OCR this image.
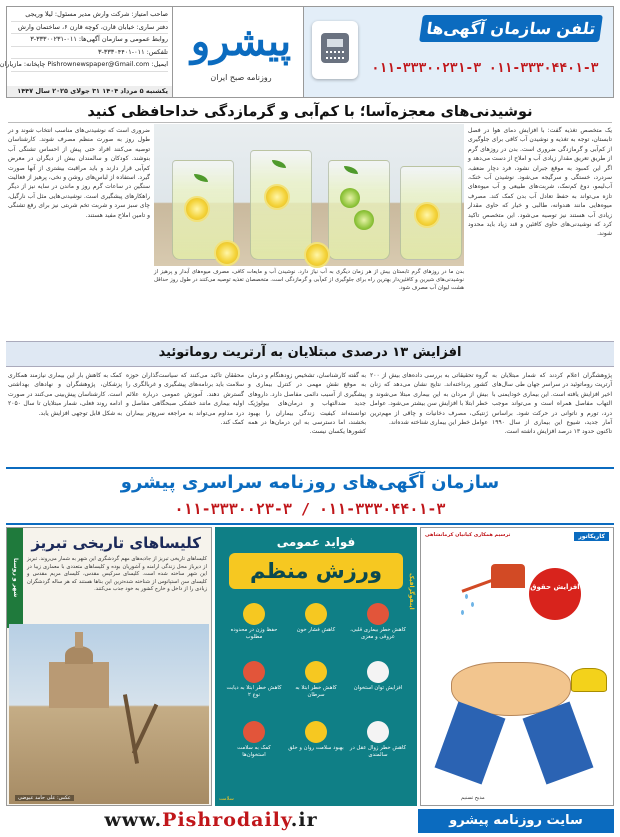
تلفن سازمان آگهی‌ها
۰۱۱-۳۳۳۰۰۲۳۱-۳ ۰۱۱-۳۳۳۰۴۴۰۱-۳
پیشرو
روزنامه صبح ایران
صاحب امتیاز: شرکت وارش مدیر مسئول: لیلا وریجی
دفتر ساری: خیابان قارن، کوچه قارن ۶، ساختمان وارش
روابط عمومی و سازمان آگهی‌ها: ۰۱۱-۳۳۳۰۰۲۳۱-۳
تلفکس: ۰۱۱-۳۳۳۰۴۴۰۱-۳
ایمیل: Pishrownewspaper@Gmail.com چاپخانه: مازیاران
یکشنبه ۵ مرداد ۱۴۰۴ ۳۱ جولای ۲۰۲۵ سال ۱۴۴۷
نوشیدنی‌های معجزه‌آسا؛ با کم‌آبی و گرمازدگی خداحافظی کنید
یک متخصص تغذیه گفت: با افزایش دمای هوا در فصل تابستان، توجه به تغذیه و نوشیدن آب کافی برای جلوگیری از کم‌آبی و گرمازدگی ضروری است. بدن در روزهای گرم از طریق تعریق مقدار زیادی آب و املاح از دست می‌دهد و اگر این کمبود به موقع جبران نشود، فرد دچار ضعف، سردرد، خستگی و سرگیجه می‌شود. نوشیدن آب خنک، آب‌لیمو، دوغ کم‌نمک، شربت‌های طبیعی و آب میوه‌های تازه می‌تواند به حفظ تعادل آب بدن کمک کند. مصرف میوه‌هایی مانند هندوانه، طالبی و خیار که حاوی مقدار زیادی آب هستند نیز توصیه می‌شود. این متخصص تاکید کرد که نوشیدنی‌های حاوی کافئین و قند زیاد باید محدود شوند.
ضروری است که نوشیدنی‌های مناسب انتخاب شوند و در طول روز به صورت منظم مصرف شوند. کارشناسان توصیه می‌کنند افراد حتی پیش از احساس تشنگی آب بنوشند. کودکان و سالمندان بیش از دیگران در معرض کم‌آبی قرار دارند و باید مراقبت بیشتری از آنها صورت گیرد. استفاده از لباس‌های روشن و نخی، پرهیز از فعالیت سنگین در ساعات گرم روز و ماندن در سایه نیز از دیگر راهکارهای پیشگیری است. نوشیدنی‌هایی مثل آب نارگیل، چای سبز سرد و شربت تخم شربتی نیز برای رفع تشنگی و تامین املاح مفید هستند.
بدن ما در روزهای گرم تابستان بیش از هر زمان دیگری به آب نیاز دارد. نوشیدن آب و مایعات کافی، مصرف میوه‌های آبدار و پرهیز از نوشیدنی‌های شیرین و کافئین‌دار بهترین راه برای جلوگیری از کم‌آبی و گرمازدگی است. متخصصان تغذیه توصیه می‌کنند در طول روز حداقل هشت لیوان آب مصرف شود.
افزایش ۱۳ درصدی مبتلایان به آرتریت روماتوئید
پژوهشگران اعلام کردند که شمار مبتلایان به آرتریت روماتوئید در سراسر جهان طی سال‌های اخیر افزایش یافته است. این بیماری خودایمنی با التهاب مفاصل همراه است و می‌تواند موجب درد، تورم و ناتوانی در حرکت شود. براساس آمار جدید، شیوع این بیماری از سال ۱۹۹۰ تاکنون حدود ۱۳ درصد افزایش داشته است.
گروه تحقیقاتی به بررسی داده‌های بیش از ۲۰۰ کشور پرداخته‌اند. نتایج نشان می‌دهد که زنان بیش از مردان به این بیماری مبتلا می‌شوند و خطر ابتلا با افزایش سن بیشتر می‌شود. عوامل ژنتیکی، مصرف دخانیات و چاقی از مهم‌ترین عوامل خطر این بیماری شناخته شده‌اند.
به گفته کارشناسان، تشخیص زودهنگام و درمان به موقع نقش مهمی در کنترل بیماری و پیشگیری از آسیب دائمی مفاصل دارد. داروهای جدید ضدالتهاب و درمان‌های بیولوژیک توانسته‌اند کیفیت زندگی بیماران را بهبود بخشند، اما دسترسی به این درمان‌ها در همه کشورها یکسان نیست.
محققان تاکید می‌کنند که سیاست‌گذاران حوزه سلامت باید برنامه‌های پیشگیری و غربالگری را گسترش دهند. آموزش عمومی درباره علائم اولیه بیماری مانند خشکی صبحگاهی مفاصل و درد مداوم می‌تواند به مراجعه سریع‌تر بیماران کمک کند.
کمک به کاهش بار این بیماری نیازمند همکاری پزشکان، پژوهشگران و نهادهای بهداشتی است. کارشناسان پیش‌بینی می‌کنند در صورت ادامه روند فعلی، شمار مبتلایان تا سال ۲۰۵۰ به شکل قابل توجهی افزایش یابد.
سازمان آگهی‌های روزنامه سراسری پیشرو
۰۱۱-۳۳۳۰۰۲۳-۳ / ۰۱۱-۳۳۳۰۴۴۰۱-۳
کاریکاتور
ترسیم همکاری کیانیان کرمانشاهی
افزایش حقوق
مدیح تسنیم
فواید عمومی
ورزش منظم
اینفوگرافیک
کاهش خطر بیماری قلبی، عروقی و مغزی
کاهش فشار خون
حفظ وزن در محدوده مطلوب
افزایش توان استخوان
کاهش خطر ابتلا به سرطان
کاهش خطر ابتلا به دیابت نوع ۲
کاهش خطر زوال عقل در سالمندی
بهبود سلامت روان و خلق
کمک به سلامت استخوان‌ها
سلامت
شهر و روستا
کلیساهای تاریخی تبریز
کلیساهای تاریخی تبریز از جاذبه‌های مهم گردشگری این شهر به شمار می‌روند. تبریز از دیرباز محل زندگی ارامنه و آشوریان بوده و کلیساهای متعددی با معماری زیبا در این شهر ساخته شده است. کلیسای سرکیس مقدس، کلیسای مریم مقدس و کلیسای سن استپانوس از شناخته شده‌ترین این بناها هستند که هر ساله گردشگران زیادی را از داخل و خارج کشور به خود جذب می‌کنند.
عکس: علی حامد عیوضی
www.Pishrodaily.ir	سایت روزنامه پیشرو
